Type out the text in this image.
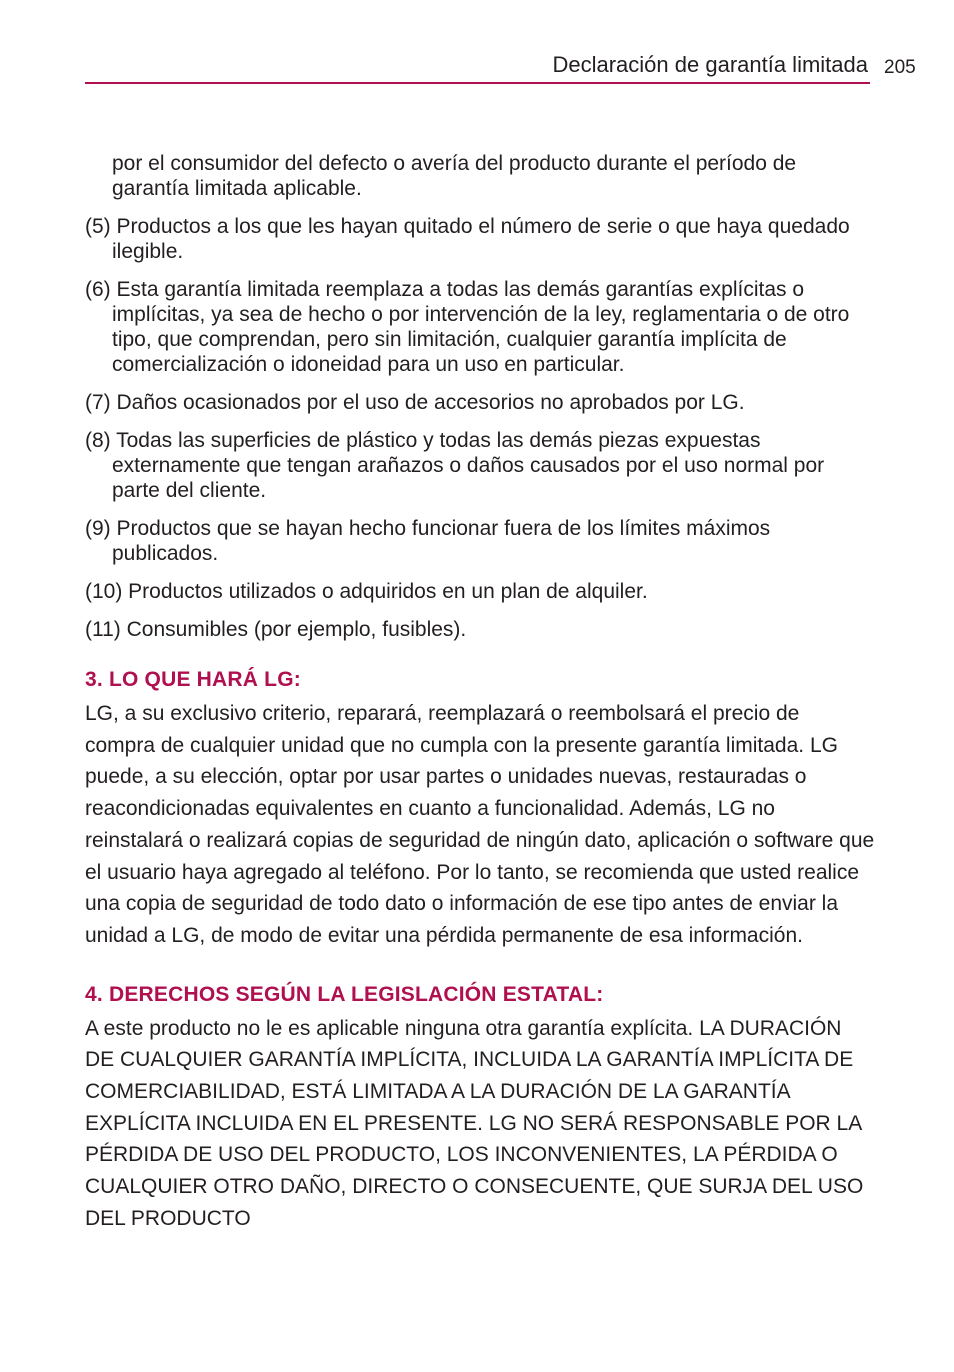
Declaración de garantía limitada 205
por el consumidor del defecto o avería del producto durante el período de garantía limitada aplicable.
(5) Productos a los que les hayan quitado el número de serie o que haya quedado ilegible.
(6) Esta garantía limitada reemplaza a todas las demás garantías explícitas o implícitas, ya sea de hecho o por intervención de la ley, reglamentaria o de otro tipo, que comprendan, pero sin limitación, cualquier garantía implícita de comercialización o idoneidad para un uso en particular.
(7) Daños ocasionados por el uso de accesorios no aprobados por LG.
(8) Todas las superficies de plástico y todas las demás piezas expuestas externamente que tengan arañazos o daños causados por el uso normal por parte del cliente.
(9) Productos que se hayan hecho funcionar fuera de los límites máximos publicados.
(10) Productos utilizados o adquiridos en un plan de alquiler.
(11) Consumibles (por ejemplo, fusibles).
3. LO QUE HARÁ LG:

LG, a su exclusivo criterio, reparará, reemplazará o reembolsará el precio de compra de cualquier unidad que no cumpla con la presente garantía limitada. LG puede, a su elección, optar por usar partes o unidades nuevas, restauradas o reacondicionadas equivalentes en cuanto a funcionalidad. Además, LG no reinstalará o realizará copias de seguridad de ningún dato, aplicación o software que el usuario haya agregado al teléfono. Por lo tanto, se recomienda que usted realice una copia de seguridad de todo dato o información de ese tipo antes de enviar la unidad a LG, de modo de evitar una pérdida permanente de esa información.

4. DERECHOS SEGÚN LA LEGISLACIÓN ESTATAL:

A este producto no le es aplicable ninguna otra garantía explícita. LA DURACIÓN DE CUALQUIER GARANTÍA IMPLÍCITA, INCLUIDA LA GARANTÍA IMPLÍCITA DE COMERCIABILIDAD, ESTÁ LIMITADA A LA DURACIÓN DE LA GARANTÍA EXPLÍCITA INCLUIDA EN EL PRESENTE. LG NO SERÁ RESPONSABLE POR LA PÉRDIDA DE USO DEL PRODUCTO, LOS INCONVENIENTES, LA PÉRDIDA O CUALQUIER OTRO DAÑO, DIRECTO O CONSECUENTE, QUE SURJA DEL USO DEL PRODUCTO
